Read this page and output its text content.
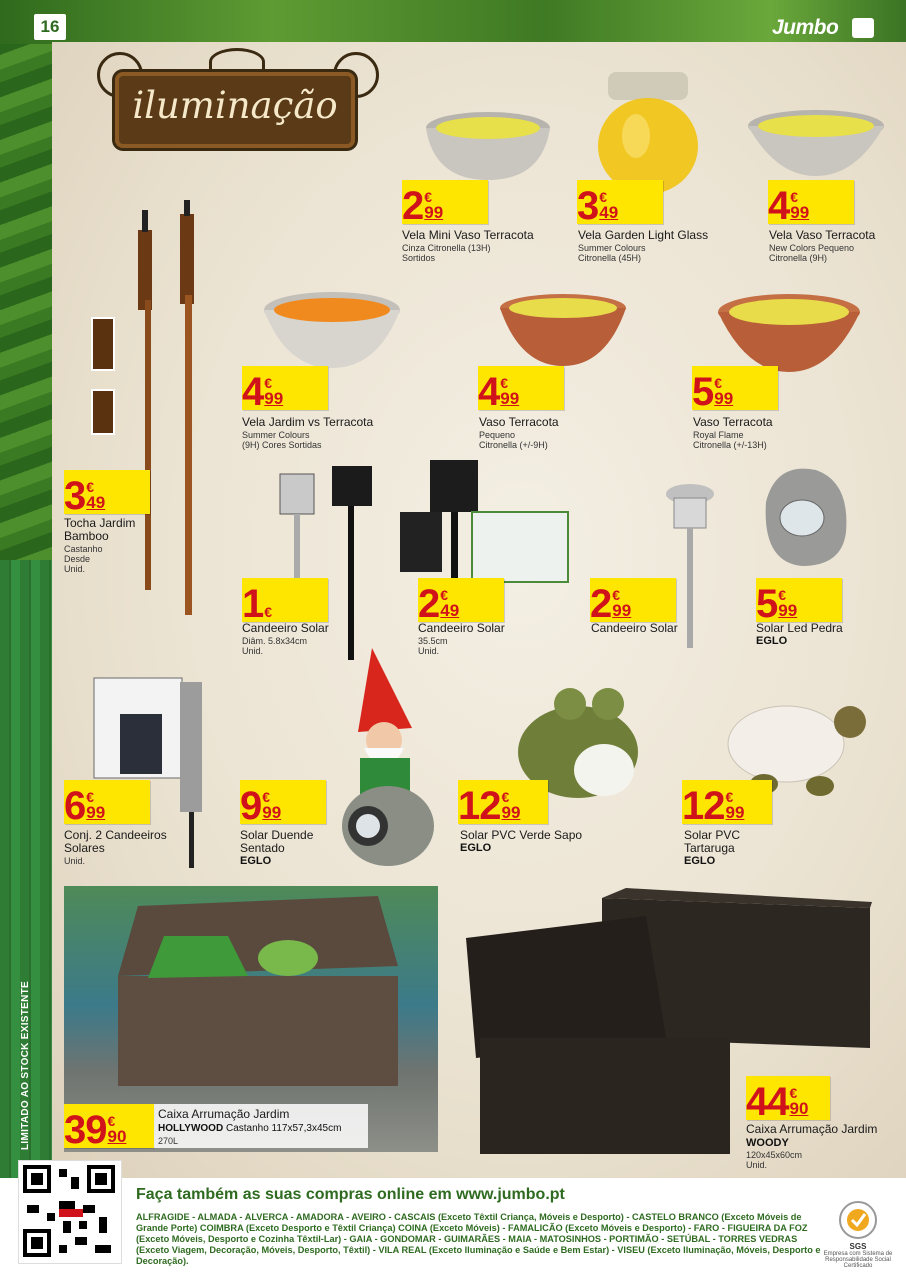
16	Jumbo
LIMITADO AO STOCK EXISTENTE
iluminação
2 €
99
Vela Mini Vaso Terracota
Cinza Citronella (13H)
Sortidos
3 €
49
Vela Garden Light Glass
Summer Colours
Citronella (45H)
4 €
99
Vela Vaso Terracota
New Colors Pequeno
Citronella (9H)
4 €
99
Vela Jardim vs Terracota
Summer Colours
(9H) Cores Sortidas
4 €
99
Vaso Terracota
Pequeno
Citronella (+/-9H)
5 €
99
Vaso Terracota
Royal Flame
Citronella (+/-13H)
3 €
49
Tocha Jardim
Bamboo
Castanho
Desde
Unid.
1 €
Candeeiro Solar
Diâm. 5.8x34cm
Unid.
2 €
49
Candeeiro Solar
35.5cm
Unid.
2 €
99
Candeeiro Solar
5 €
99
Solar Led Pedra
EGLO
6 €
99
Conj. 2 Candeeiros
Solares
Unid.
9 €
99
Solar Duende
Sentado
EGLO
12 €
99
Solar PVC Verde Sapo
EGLO
12 €
99
Solar PVC
Tartaruga
EGLO
39 €
90
Caixa Arrumação Jardim
HOLLYWOOD Castanho 117x57,3x45cm
270L
44 €
90
Caixa Arrumação Jardim
WOODY
120x45x60cm
Unid.
Faça também as suas compras online em www.jumbo.pt
ALFRAGIDE - ALMADA - ALVERCA - AMADORA - AVEIRO - CASCAIS (Exceto Têxtil Criança, Móveis e Desporto) - CASTELO BRANCO (Exceto Móveis de Grande Porte) COIMBRA (Exceto Desporto e Têxtil Criança) COINA (Exceto Móveis) - FAMALICÃO (Exceto Móveis e Desporto) - FARO - FIGUEIRA DA FOZ (Exceto Móveis, Desporto e Cozinha Têxtil-Lar) - GAIA - GONDOMAR - GUIMARÃES - MAIA - MATOSINHOS - PORTIMÃO - SETÚBAL - TORRES VEDRAS (Exceto Viagem, Decoração, Móveis, Desporto, Têxtil) - VILA REAL (Exceto Iluminação e Saúde e Bem Estar) - VISEU (Exceto Iluminação, Móveis, Desporto e Decoração).
SGS
Empresa com Sistema de Responsabilidade Social Certificado
